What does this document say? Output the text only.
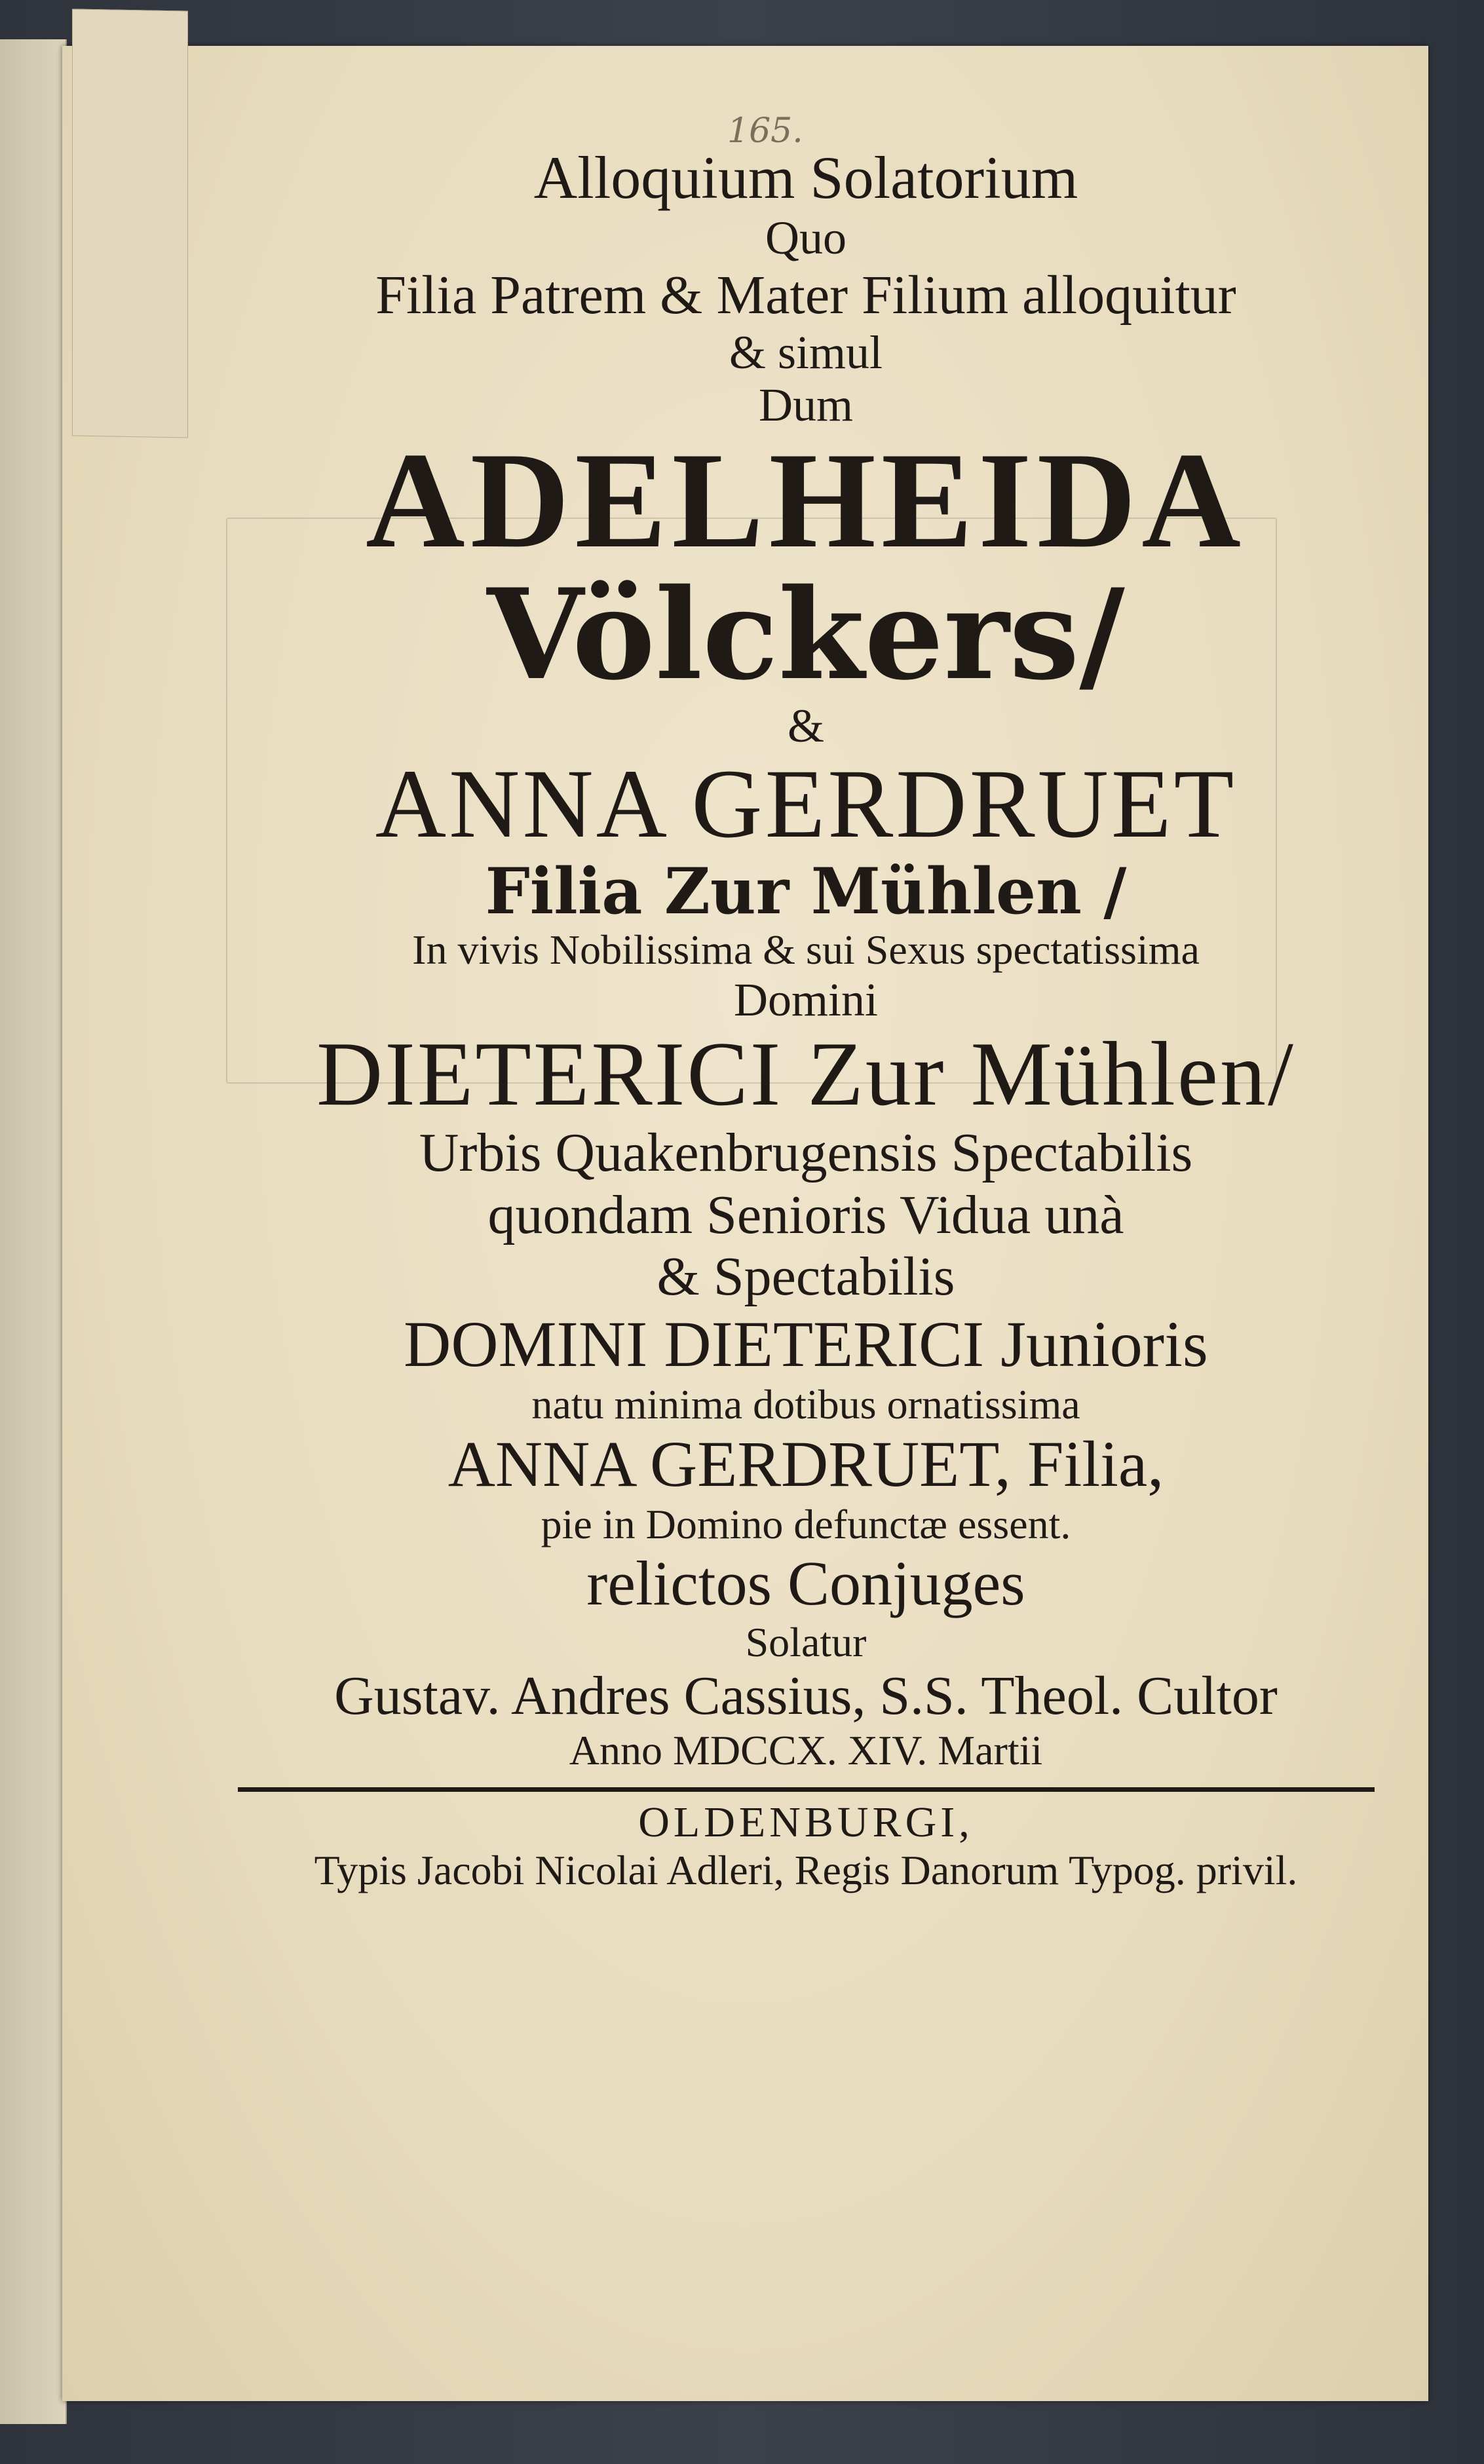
165.
Alloquium Solatorium
Quo
Filia Patrem & Mater Filium alloquitur
& simul
Dum
ADELHEIDA
Völckers/
&
ANNA GERDRUET
Filia Zur Mühlen /
In vivis Nobilissima & sui Sexus spectatissima
Domini
DIETERICI Zur Mühlen/
Urbis Quakenbrugensis Spectabilis
quondam Senioris Vidua unà
& Spectabilis
DOMINI DIETERICI Junioris
natu minima dotibus ornatissima
ANNA GERDRUET, Filia,
pie in Domino defunctæ essent.
relictos Conjuges
Solatur
Gustav. Andres Cassius, S.S. Theol. Cultor
Anno MDCCX. XIV. Martii
OLDENBURGI,
Typis Jacobi Nicolai Adleri, Regis Danorum Typog. privil.
